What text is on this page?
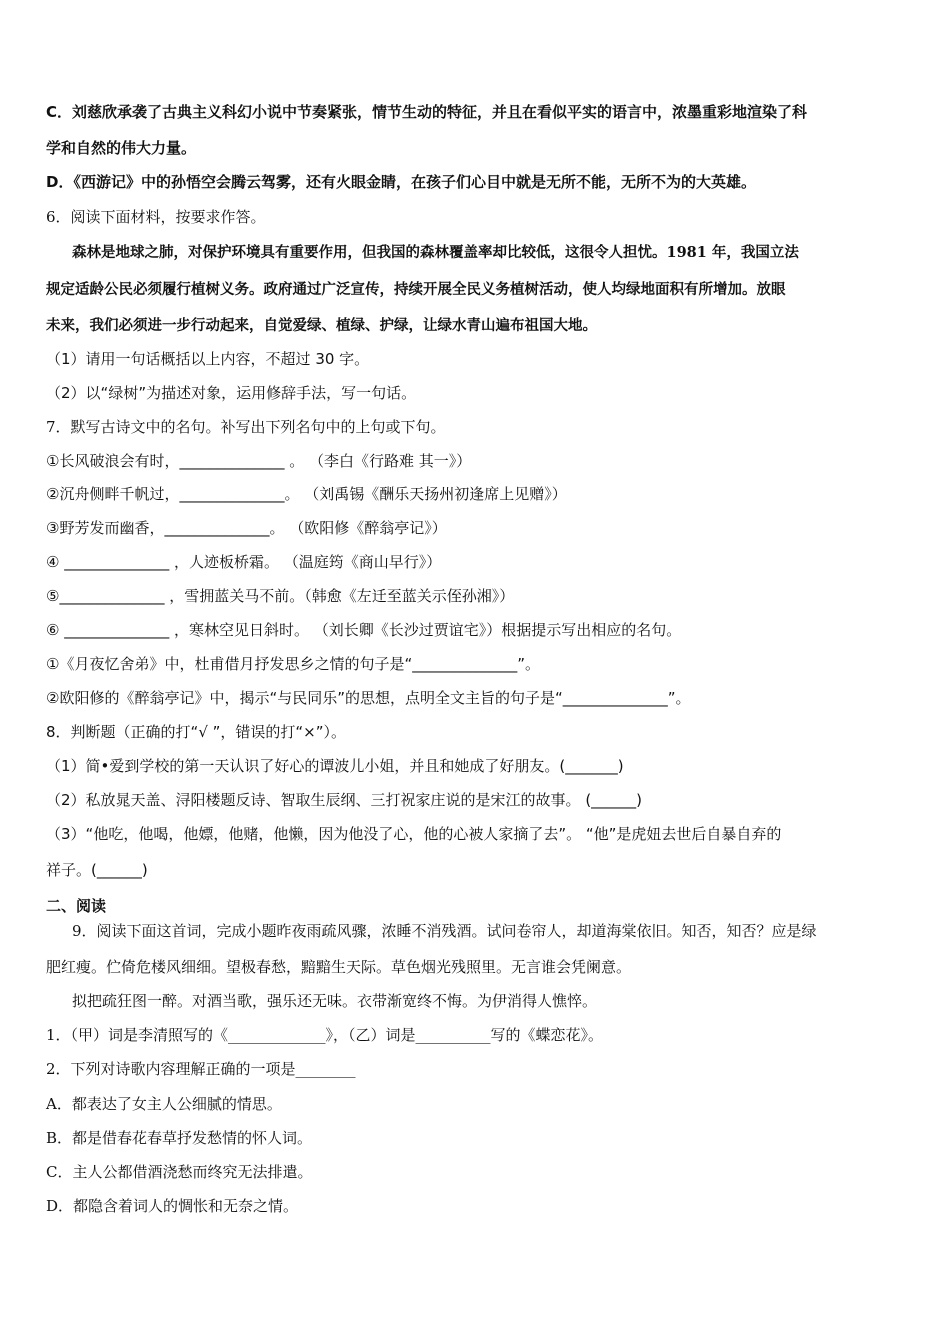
C．刘慈欣承袭了古典主义科幻小说中节奏紧张，情节生动的特征，并且在看似平实的语言中，浓墨重彩地渲染了科
学和自然的伟大力量。
D．《西游记》中的孙悟空会腾云驾雾，还有火眼金睛，在孩子们心目中就是无所不能，无所不为的大英雄。
6．阅读下面材料，按要求作答。
森林是地球之肺，对保护环境具有重要作用，但我国的森林覆盖率却比较低，这很令人担忧。1981 年，我国立法
规定适龄公民必须履行植树义务。政府通过广泛宣传，持续开展全民义务植树活动，使人均绿地面积有所增加。放眼
未来，我们必须进一步行动起来，自觉爱绿、植绿、护绿，让绿水青山遍布祖国大地。
（1）请用一句话概括以上内容，不超过 30 字。
（2）以“绿树”为描述对象，运用修辞手法，写一句话。
7．默写古诗文中的名句。补写出下列名句中的上句或下句。
①长风破浪会有时，______________ 。 （李白《行路难 其一》）
②沉舟侧畔千帆过，______________。 （刘禹锡《酬乐天扬州初逢席上见赠》）
③野芳发而幽香，______________。 （欧阳修《醉翁亭记》）
④ ______________ ，人迹板桥霜。 （温庭筠《商山早行》）
⑤______________ ，雪拥蓝关马不前。（韩愈《左迁至蓝关示侄孙湘》）
⑥ ______________ ，寒林空见日斜时。 （刘长卿《长沙过贾谊宅》）根据提示写出相应的名句。
①《月夜忆舍弟》中，杜甫借月抒发思乡之情的句子是“______________”。
②欧阳修的《醉翁亭记》中，揭示“与民同乐”的思想，点明全文主旨的句子是“______________”。
8．判断题（正确的打“√ ”，错误的打“×”）。
（1）简•爱到学校的第一天认识了好心的谭波儿小姐，并且和她成了好朋友。(_______)
（2）私放晁天盖、浔阳楼题反诗、智取生辰纲、三打祝家庄说的是宋江的故事。 (______)
（3）“他吃，他喝，他嫖，他赌，他懒，因为他没了心，他的心被人家摘了去”。 “他”是虎妞去世后自暴自弃的
祥子。(______)
二、阅读
9．阅读下面这首词，完成小题昨夜雨疏风骤，浓睡不消残酒。试问卷帘人，却道海棠依旧。知否，知否？应是绿
肥红瘦。伫倚危楼风细细。望极春愁，黯黯生天际。草色烟光残照里。无言谁会凭阑意。
拟把疏狂图一醉。对酒当歌，强乐还无味。衣带渐宽终不悔。为伊消得人憔悴。
1．（甲）词是李清照写的《_____________》，（乙）词是__________写的《蝶恋花》。
2．下列对诗歌内容理解正确的一项是________
A．都表达了女主人公细腻的情思。
B．都是借春花春草抒发愁情的怀人词。
C．主人公都借酒浇愁而终究无法排遣。
D．都隐含着词人的惆怅和无奈之情。
